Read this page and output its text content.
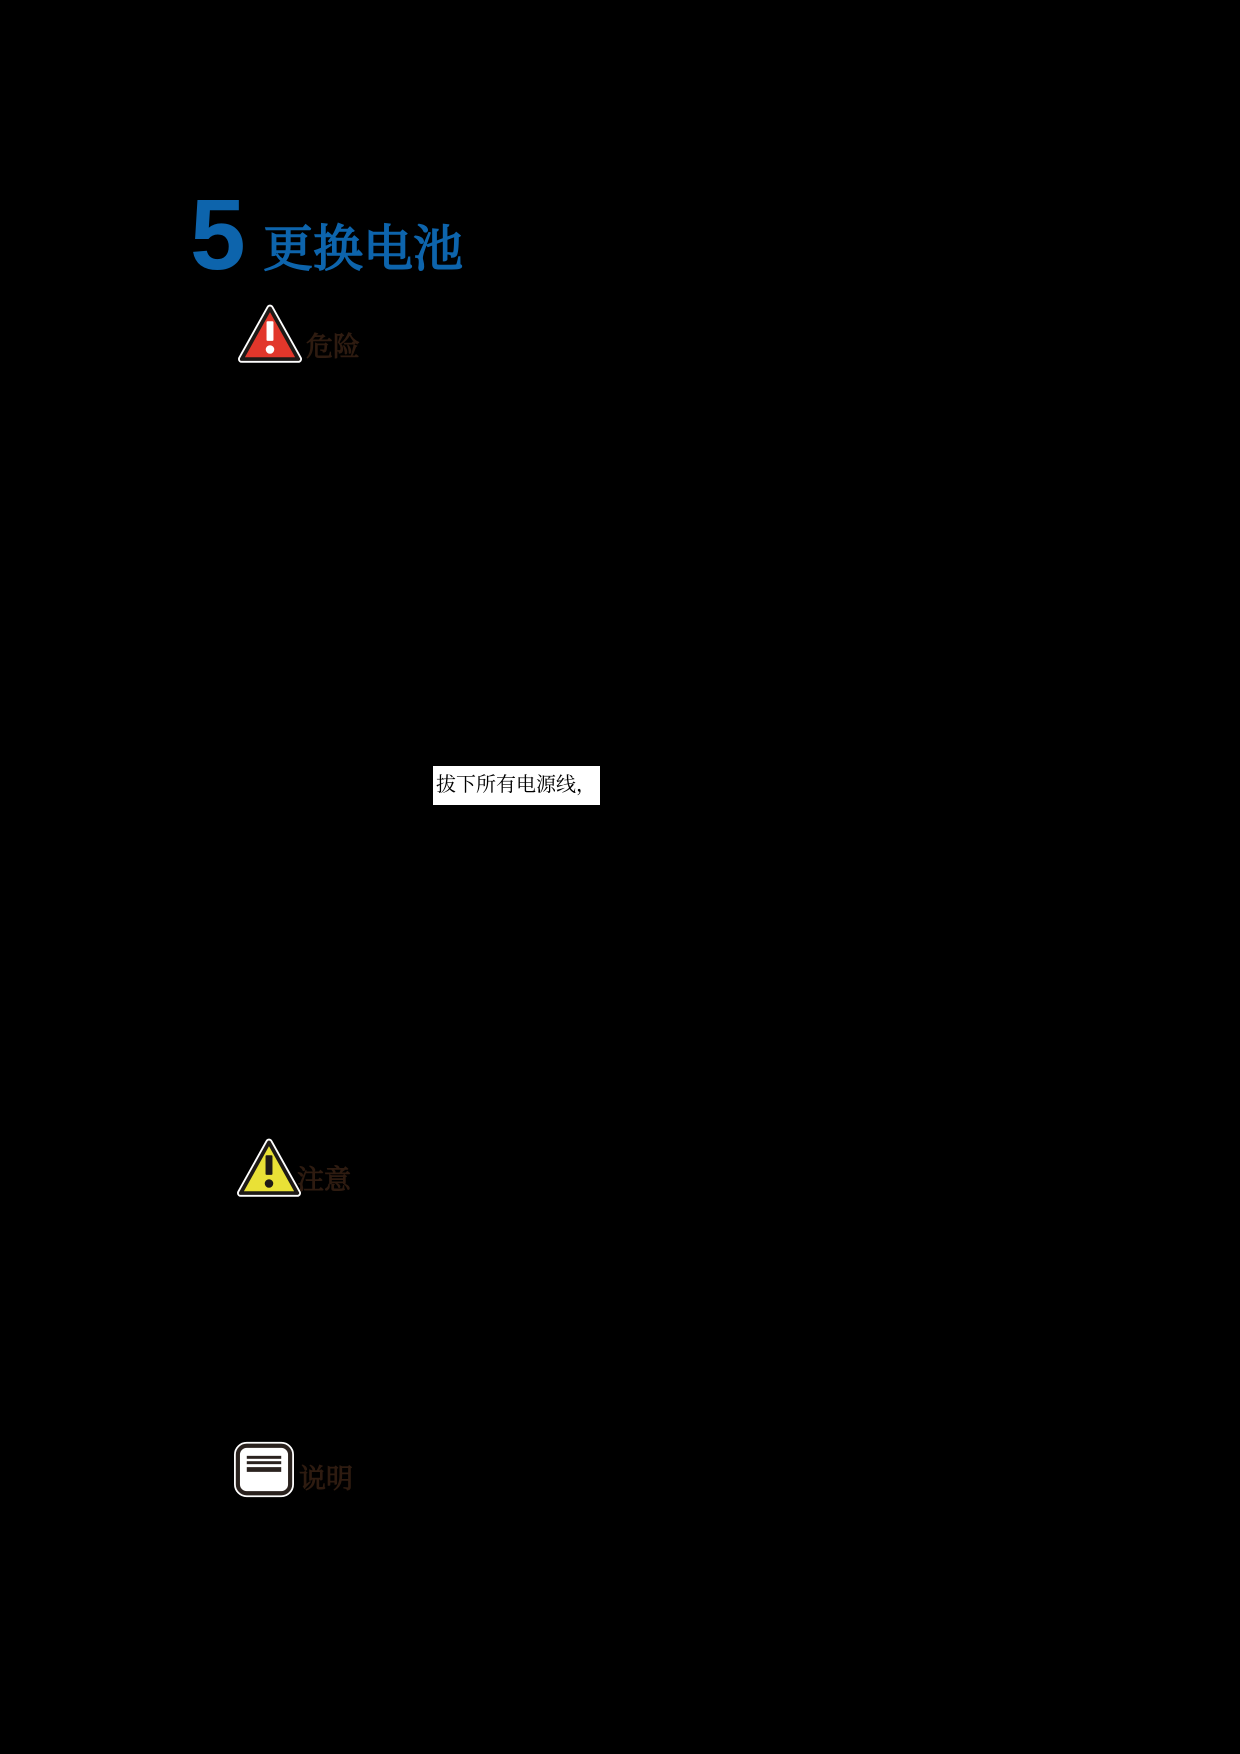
5 更换电池
危险
拔下所有电源线，
注意
说明
